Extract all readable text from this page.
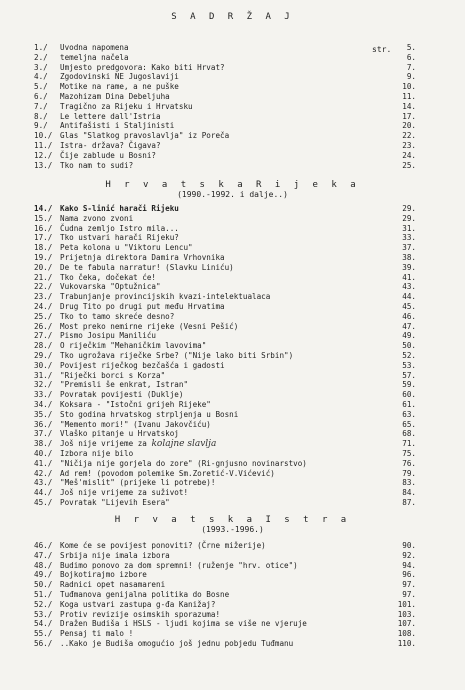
S A D R Ž A J
str.
1./ Uvodna napomena	5.
2./ temeljna načela	6.
3./ Umjesto predgovora: Kako biti Hrvat?	7.
4./ Zgodovinski NE Jugoslaviji	9.
5./ Motike na rame, a ne puške	10.
6./ Mazohizam Dina Debeljuha	11.
7./ Tragično za Rijeku i Hrvatsku	14.
8./ Le lettere dall'Istria	17.
9./ Antifašisti i Staljinisti	20.
10./ Glas "Slatkog pravoslavlja" iz Poreča	22.
11./ Istra- država? Čigava?	23.
12./ Čije zablude u Bosni?	24.
13./ Tko nam to sudi?	25.
H r v a t s k a R i j e k a
(1990.-1992. i dalje..)
14./ Kako S-linić harači Rijeku	29.
15./ Nama zvono zvoni	29.
16./ Čudna zemljo Istro mila...	31.
17./ Tko ustvari harači Rijeku?	33.
18./ Peta kolona u "Viktoru Lencu"	37.
19./ Prijetnja direktora Damira Vrhovnika	38.
20./ De te fabula narratur! (Slavku Liniću)	39.
21./ Tko čeka, dočekat će!	41.
22./ Vukovarska "Optužnica"	43.
23./ Trabunjanje provincijskih kvazi-intelektualaca	44.
24./ Drug Tito po drugi put među Hrvatima	45.
25./ Tko to tamo skreće desno?	46.
26./ Most preko nemirne rijeke (Vesni Pešić)	47.
27./ Pismo Josipu Maniliću	49.
28./ O riječkim "Mehaničkim lavovima"	50.
29./ Tko ugrožava riječke Srbe? ("Nije lako biti Srbin")	52.
30./ Povijest riječkog bezčašća i gadosti	53.
31./ "Riječki borci s Korza"	57.
32./ "Premisli še enkrat, Istran"	59.
33./ Povratak povijesti (Duklje)	60.
34./ Koksara - "Istočni grijeh Rijeke"	61.
35./ Sto godina hrvatskog strpljenja u Bosni	63.
36./ "Memento mori!" (Ivanu Jakovčiću)	65.
37./ Vlaško pitanje u Hrvatskoj	68.
38./ Još nije vrijeme za kolajne slavlja	71.
40./ Izbora nije bilo	75.
41./ "Ničija nije gorjela do zore" (Ri-gnjusno novinarstvo)	76.
42./ Ad rem! (povodom polemike Sm.Zoretić-V.Vićević)	79.
43./ "Meš'mislit" (prijeke li potrebe)!	83.
44./ Još nije vrijeme za suživot!	84.
45./ Povratak "Lijevih Esera"	87.
H r v a t s k a I s t r a
(1993.-1996.)
46./ Kome će se povijest ponoviti? (Črne mižerije)	90.
47./ Srbija nije imala izbora	92.
48./ Budimo ponovo za dom spremni! (ruženje "hrv. otice")	94.
49./ Bojkotirajmo izbore	96.
50./ Radnici opet nasamareni	97.
51./ Tuđmanova genijalna politika do Bosne	97.
52./ Koga ustvari zastupa g-đa Kanižaj?	101.
53./ Protiv revizije osimskih sporazuma!	103.
54./ Dražen Budiša i HSLS - ljudi kojima se više ne vjeruje	107.
55./ Pensaj ti malo !	108.
56./ ..Kako je Budiša omogućio još jednu pobjedu Tuđmanu	110.
